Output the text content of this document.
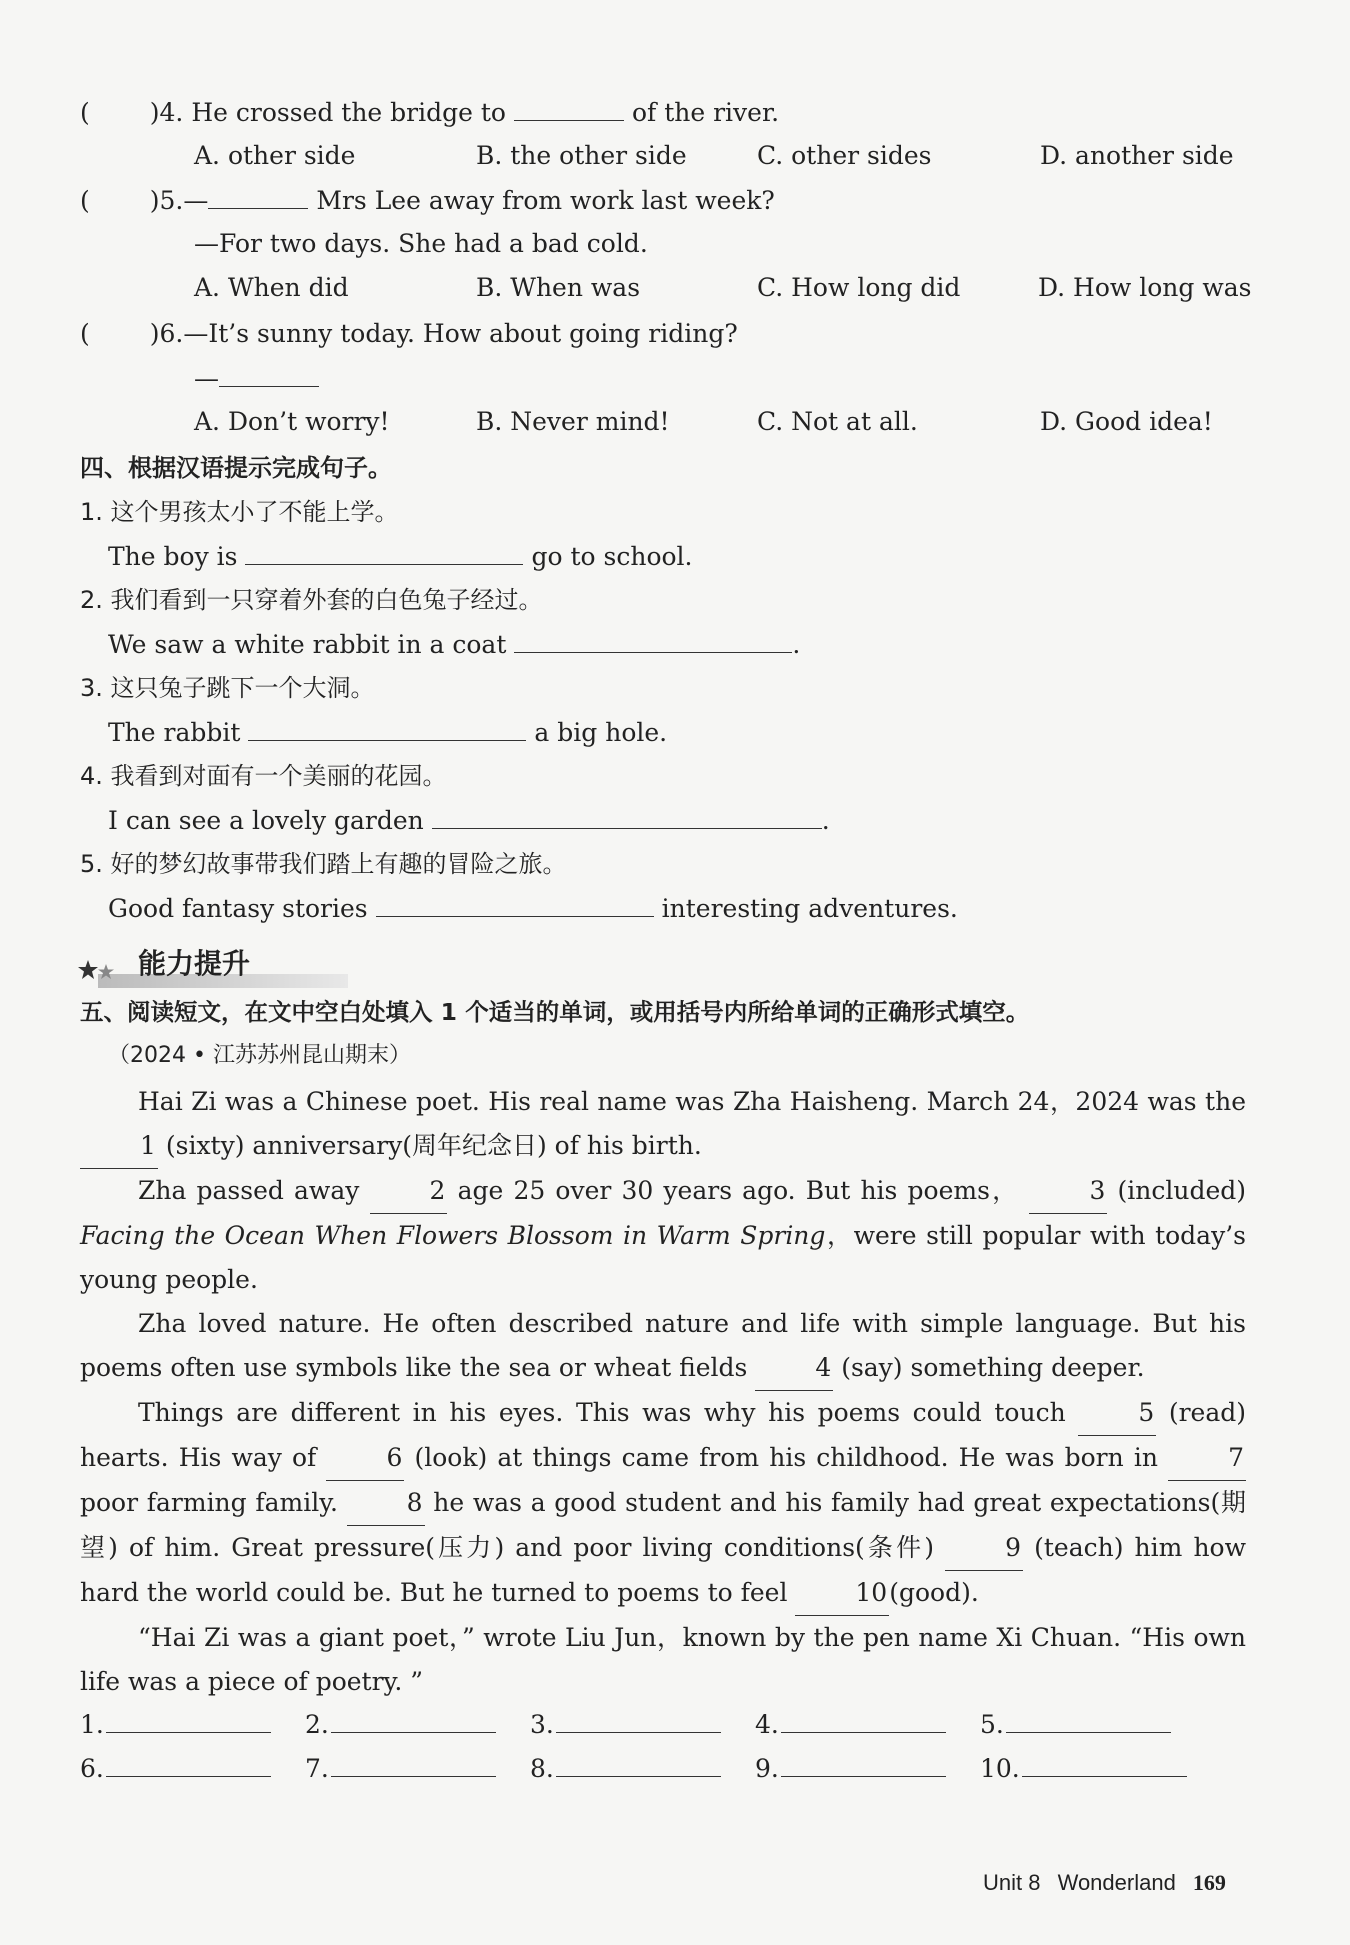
( )4. He crossed the bridge to	of the river.
A. other side	B. the other side	C. other sides	D. another side
( )5.—	Mrs Lee away from work last week?
—For two days. She had a bad cold.
A. When did	B. When was	C. How long did	D. How long was
( )6.—It’s sunny today. How about going riding?
—
A. Don’t worry!	B. Never mind!	C. Not at all.	D. Good idea!
四、根据汉语提示完成句子。
1. 这个男孩太小了不能上学。
The boy is	go to school.
2. 我们看到一只穿着外套的白色兔子经过。
We saw a white rabbit in a coat	.
3. 这只兔子跳下一个大洞。
The rabbit	a big hole.
4. 我看到对面有一个美丽的花园。
I can see a lovely garden	.
5. 好的梦幻故事带我们踏上有趣的冒险之旅。
Good fantasy stories	interesting adventures.
能力提升
五、阅读短文，在文中空白处填入 1 个适当的单词，或用括号内所给单词的正确形式填空。
（2024 • 江苏苏州昆山期末）

Hai Zi was a Chinese poet. His real name was Zha Haisheng. March 24，2024 was the 1 (sixty) anniversary(周年纪念日) of his birth.

Zha passed away	2 age 25 over 30 years ago. But his poems，	3 (included) Facing the Ocean When Flowers Blossom in Warm Spring，were still popular with today’s young people.

Zha loved nature. He often described nature and life with simple language. But his poems often use symbols like the sea or wheat fields	4 (say) something deeper.

Things are different in his eyes. This was why his poems could touch	5 (read) hearts. His way of	6 (look) at things came from his childhood. He was born in	7 poor farming family.	8 he was a good student and his family had great expectations(期望) of him. Great pressure(压力) and poor living conditions(条件)	9 (teach) him how hard the world could be. But he turned to poems to feel	10(good).

“Hai Zi was a giant poet，” wrote Liu Jun，known by the pen name Xi Chuan. “His own life was a piece of poetry. ”

1.	2.	3.	4.	5.
6.	7.	8.	9.	10.
Unit 8 Wonderland 169
